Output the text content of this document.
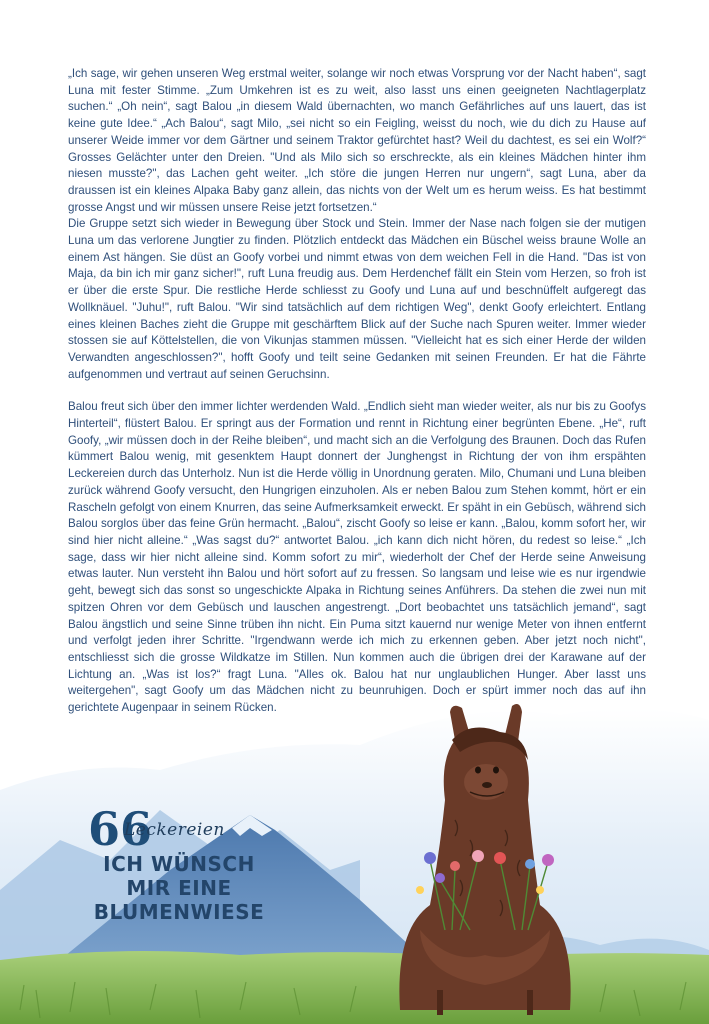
„Ich sage, wir gehen unseren Weg erstmal weiter, solange wir noch etwas Vorsprung vor der Nacht haben“, sagt Luna mit fester Stimme. „Zum Umkehren ist es zu weit, also lasst uns einen geeigneten Nachtlagerplatz suchen.“ „Oh nein“, sagt Balou „in diesem Wald übernachten, wo manch Gefährliches auf uns lauert, das ist keine gute Idee.“ „Ach Balou“, sagt Milo, „sei nicht so ein Feigling, weisst du noch, wie du dich zu Hause auf unserer Weide immer vor dem Gärtner und seinem Traktor gefürchtet hast? Weil du dachtest, es sei ein Wolf?“ Grosses Gelächter unter den Dreien. "Und als Milo sich so erschreckte, als ein kleines Mädchen hinter ihm niesen musste?", das Lachen geht weiter. „Ich störe die jungen Herren nur ungern“, sagt Luna, aber da draussen ist ein kleines Alpaka Baby ganz allein, das nichts von der Welt um es herum weiss. Es hat bestimmt grosse Angst und wir müssen unsere Reise jetzt fortsetzen.“

Die Gruppe setzt sich wieder in Bewegung über Stock und Stein. Immer der Nase nach folgen sie der mutigen Luna um das verlorene Jungtier zu finden. Plötzlich entdeckt das Mädchen ein Büschel weiss braune Wolle an einem Ast hängen. Sie düst an Goofy vorbei und nimmt etwas von dem weichen Fell in die Hand. "Das ist von Maja, da bin ich mir ganz sicher!", ruft Luna freudig aus. Dem Herdenchef fällt ein Stein vom Herzen, so froh ist er über die erste Spur. Die restliche Herde schliesst zu Goofy und Luna auf und beschnüffelt aufgeregt das Wollknäuel. "Juhu!", ruft Balou. "Wir sind tatsächlich auf dem richtigen Weg", denkt Goofy erleichtert. Entlang eines kleinen Baches zieht die Gruppe mit geschärftem Blick auf der Suche nach Spuren weiter. Immer wieder stossen sie auf Köttelstellen, die von Vikunjas stammen müssen. "Vielleicht hat es sich einer Herde der wilden Verwandten angeschlossen?", hofft Goofy und teilt seine Gedanken mit seinen Freunden. Er hat die Fährte aufgenommen und vertraut auf seinen Geruchsinn.

Balou freut sich über den immer lichter werdenden Wald. „Endlich sieht man wieder weiter, als nur bis zu Goofys Hinterteil“, flüstert Balou. Er springt aus der Formation und rennt in Richtung einer begrünten Ebene. „He“, ruft Goofy, „wir müssen doch in der Reihe bleiben“, und macht sich an die Verfolgung des Braunen. Doch das Rufen kümmert Balou wenig, mit gesenktem Haupt donnert der Junghengst in Richtung der von ihm erspähten Leckereien durch das Unterholz. Nun ist die Herde völlig in Unordnung geraten. Milo, Chumani und Luna bleiben zurück während Goofy versucht, den Hungrigen einzuholen. Als er neben Balou zum Stehen kommt, hört er ein Rascheln gefolgt von einem Knurren, das seine Aufmerksamkeit erweckt. Er späht in ein Gebüsch, während sich Balou sorglos über das feine Grün hermacht. „Balou“, zischt Goofy so leise er kann. „Balou, komm sofort her, wir sind hier nicht alleine.“ „Was sagst du?“ antwortet Balou. „ich kann dich nicht hören, du redest so leise.“ „Ich sage, dass wir hier nicht alleine sind. Komm sofort zu mir“, wiederholt der Chef der Herde seine Anweisung etwas lauter. Nun versteht ihn Balou und hört sofort auf zu fressen. So langsam und leise wie es nur irgendwie geht, bewegt sich das sonst so ungeschickte Alpaka in Richtung seines Anführers. Da stehen die zwei nun mit spitzen Ohren vor dem Gebüsch und lauschen angestrengt. „Dort beobachtet uns tatsächlich jemand“, sagt Balou ängstlich und seine Sinne trüben ihn nicht. Ein Puma sitzt kauernd nur wenige Meter von ihnen entfernt und verfolgt jeden ihrer Schritte. "Irgendwann werde ich mich zu erkennen geben. Aber jetzt noch nicht", entschliesst sich die grosse Wildkatze im Stillen. Nun kommen auch die übrigen drei der Karawane auf der Lichtung an. „Was ist los?“ fragt Luna. "Alles ok. Balou hat nur unglaublichen Hunger. Aber lasst uns weitergehen", sagt Goofy um das Mädchen nicht zu beunruhigen. Doch er spürt immer noch das auf ihn gerichtete Augenpaar in seinem Rücken.

66
Leckereien
ICH WÜNSCH
MIR EINE
BLUMENWIESE
